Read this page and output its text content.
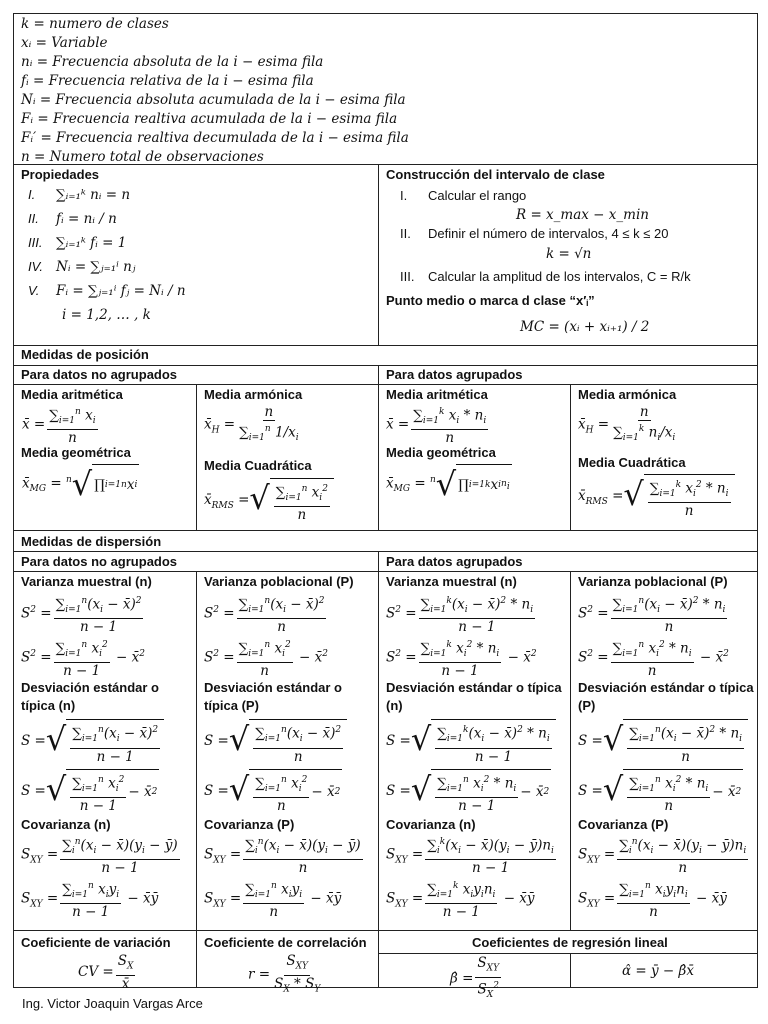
k = numero de clases
xᵢ = Variable
nᵢ = Frecuencia absoluta de la i − esima fila
fᵢ = Frecuencia relativa de la i − esima fila
Nᵢ = Frecuencia absoluta acumulada de la i − esima fila
Fᵢ = Frecuencia realtiva acumulada de la i − esima fila
Fᵢ′ = Frecuencia realtiva decumulada de la i − esima fila
n = Numero total de observaciones
Propiedades
I. ∑ᵢ₌₁ᵏ nᵢ = n
II. fᵢ = nᵢ / n
III. ∑ᵢ₌₁ᵏ fᵢ = 1
IV. Nᵢ = ∑ⱼ₌₁ⁱ nⱼ
V. Fᵢ = ∑ⱼ₌₁ⁱ fⱼ = Nᵢ / n
i = 1,2, … , k
Construcción del intervalo de clase
I. Calcular el rango
R = x_max − x_min
II. Definir el número de intervalos, 4 ≤ k ≤ 20
k = √n
III. Calcular la amplitud de los intervalos, C = R/k
Punto medio o marca d clase “x′ᵢ”
MC = (xᵢ + xᵢ₊₁) / 2
Medidas de posición
Para datos no agrupados	Para datos agrupados
Media aritmética
x̄ = $\frac{\sum_{i=1}^n x_i}{n}$
Media geométrica
$x̄_{MG} = ^n$ √ ∏ i=1 n x i
Media armónica
$x̄_H = \frac{n}{\sum_{i=1}^n 1/x_i}$
Media Cuadrática
$x̄_{RMS}$ = √ $\sum_{i=1}^n$ $x_i^2$
n
Media aritmética
x̄ = $\frac{\sum_{i=1}^k x_i * n_i}{n}$
Media geométrica
$x̄_{MG} = ^n$ √ ∏ i=1 k x i $n_i$
Media armónica
$x̄_H = \frac{n}{\sum_{i=1}^k n_i/x_i}$
Media Cuadrática
$x̄_{RMS}$ = √ $\sum_{i=1}^k$ $x_i^2 * n_i$
n
Medidas de dispersión
Para datos no agrupados	Para datos agrupados
Varianza muestral (n)
$S^2 = \frac{\sum_{i=1}^n(x_i - x̄)^2}{n - 1}$
$S^2 = \frac{\sum_{i=1}^n x_i^2}{n - 1}$ − x̄$^2$
Desviación estándar o
típica (n)
S = √ $\sum_{i=1}^n(x_i$ − x̄)$^2$
n − 1
S = √ $\sum_{i=1}^n$ $x_i^2$
n − 1
− x̄ 2
Covarianza (n)
$S_{XY} = \frac{\sum_i^n(x_i - x̄)(y_i - ȳ)}{n - 1}$
$S_{XY}$ =
$\sum_{i=1}^n$ $x_iy_i$
n − 1
− x̄ȳ
Varianza poblacional (P)
$S^2 = \frac{\sum_{i=1}^n(x_i - x̄)^2}{n}$
$S^2 = \frac{\sum_{i=1}^n x_i^2}{n}$ − x̄$^2$
Desviación estándar o
típica (P)
S = √ $\sum_{i=1}^n(x_i$ − x̄)$^2$
n
S = √ $\sum_{i=1}^n$ $x_i^2$
n
− x̄ 2
Covarianza (P)
$S_{XY} = \frac{\sum_i^n(x_i - x̄)(y_i - ȳ)}{n}$
$S_{XY}$ =
$\sum_{i=1}^n$ $x_iy_i$
n
− x̄ȳ
Varianza muestral (n)
$S^2 = \frac{\sum_{i=1}^k(x_i - x̄)^2 * n_i}{n - 1}$
$S^2 = \frac{\sum_{i=1}^k x_i^2 * n_i}{n - 1}$ − x̄$^2$
Desviación estándar o típica
(n)
S = √ $\sum_{i=1}^k(x_i$ − x̄)$^2$ * $n_i$
n − 1
S = √ $\sum_{i=1}^n$ $x_i^2 * n_i$
n − 1
− x̄ 2
Covarianza (n)
$S_{XY} = \frac{\sum_i^k(x_i - x̄)(y_i - ȳ)n_i}{n - 1}$
$S_{XY}$ =
$\sum_{i=1}^k$ $x_iy_in_i$
n − 1
− x̄ȳ
Varianza poblacional (P)
$S^2 = \frac{\sum_{i=1}^n(x_i - x̄)^2 * n_i}{n}$
$S^2 = \frac{\sum_{i=1}^n x_i^2 * n_i}{n}$ − x̄$^2$
Desviación estándar o típica
(P)
S = √ $\sum_{i=1}^n(x_i$ − x̄)$^2$ * $n_i$
n
S = √ $\sum_{i=1}^n$ $x_i^2 * n_i$
n
− x̄ 2
Covarianza (P)
$S_{XY} = \frac{\sum_i^n(x_i - x̄)(y_i - ȳ)n_i}{n}$
$S_{XY}$ =
$\sum_{i=1}^n$ $x_iy_in_i$
n
− x̄ȳ
Coeficiente de variación
CV = $\frac{S_X}{x̄}$
Coeficiente de correlación
r =
$S_{XY}$
$S_X * S_Y$
Coeficientes de regresión lineal
β̂ =
$S_{XY}$
$S_X^2$
α̂ = ȳ − β̂x̄
Ing. Victor Joaquin Vargas Arce
